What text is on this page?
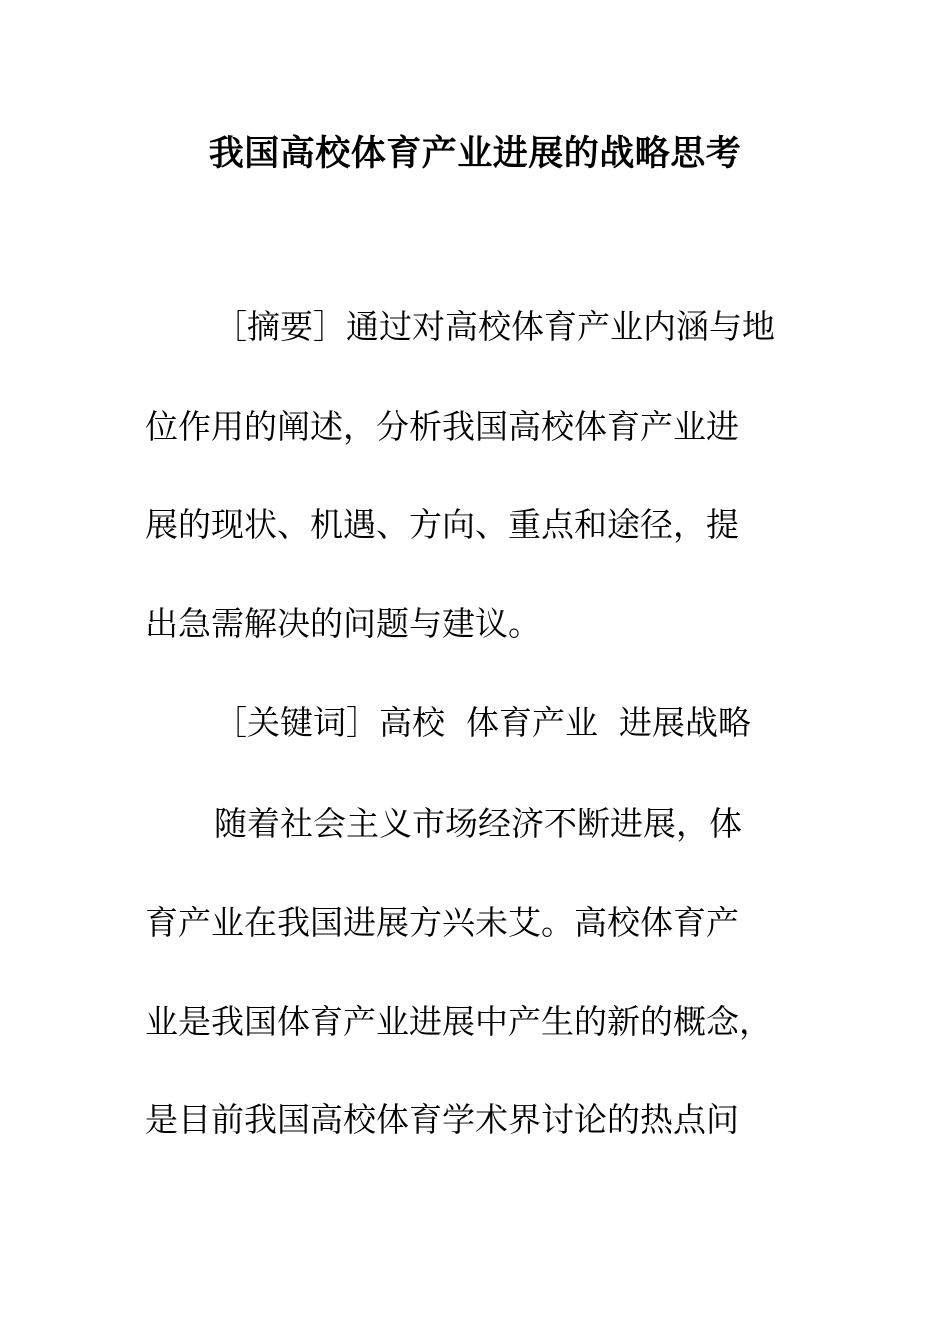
我国高校体育产业进展的战略思考
［摘要］通过对高校体育产业内涵与地
位作用的阐述，分析我国高校体育产业进
展的现状、机遇、方向、重点和途径，提
出急需解决的问题与建议。
［关键词］高校  体育产业  进展战略
随着社会主义市场经济不断进展，体
育产业在我国进展方兴未艾。高校体育产
业是我国体育产业进展中产生的新的概念，
是目前我国高校体育学术界讨论的热点问
